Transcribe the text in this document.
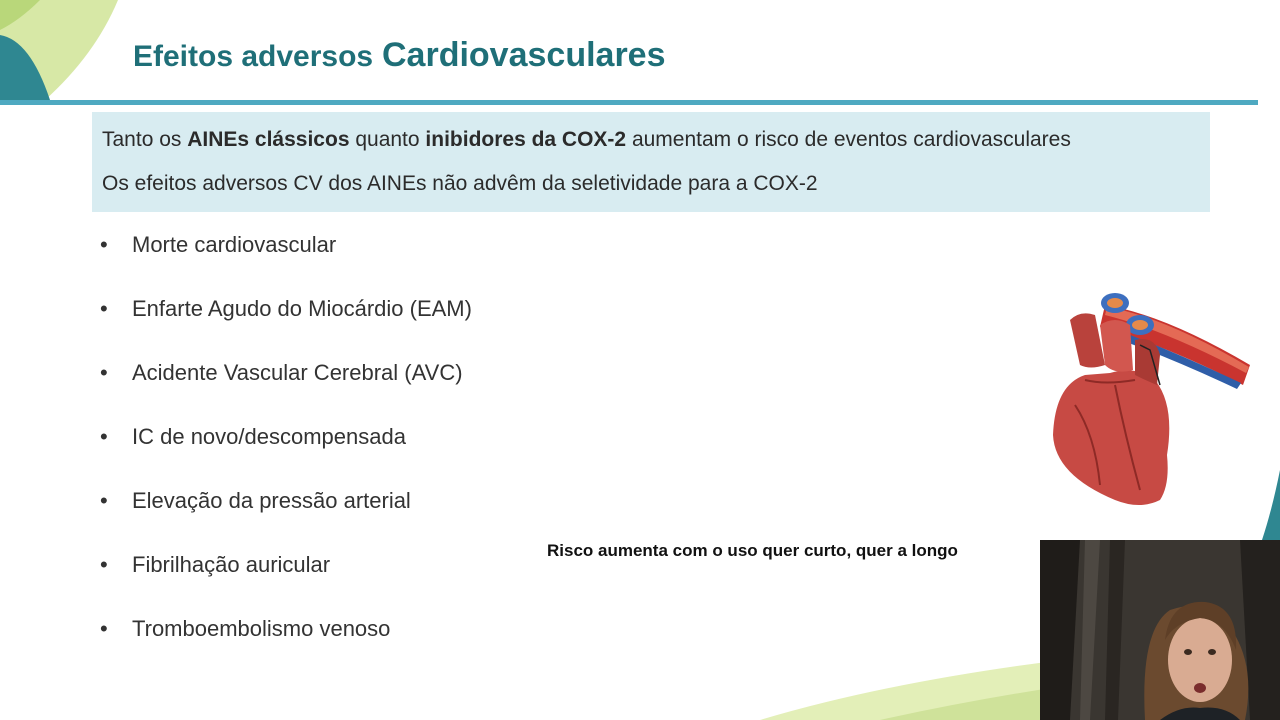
Efeitos adversos Cardiovasculares

Tanto os AINEs clássicos quanto inibidores da COX-2 aumentam o risco de eventos cardiovasculares

Os efeitos adversos CV dos AINEs não advêm da seletividade para a COX-2

• Morte cardiovascular
• Enfarte Agudo do Miocárdio (EAM)
• Acidente Vascular Cerebral (AVC)
• IC de novo/descompensada
• Elevação da pressão arterial
• Fibrilhação auricular
• Tromboembolismo venoso
Risco aumenta com o uso quer curto, quer a longo
